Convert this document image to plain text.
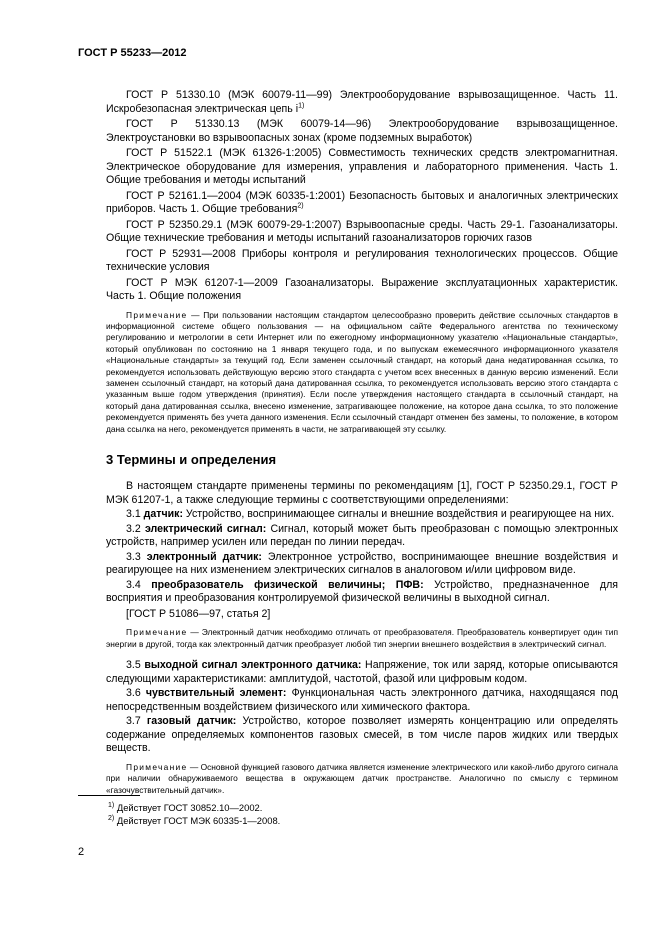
ГОСТ Р 55233—2012

ГОСТ Р 51330.10 (МЭК 60079-11—99) Электрооборудование взрывозащищенное. Часть 11. Искробезопасная электрическая цепь $i^{1)}$

ГОСТ Р 51330.13 (МЭК 60079-14—96) Электрооборудование взрывозащищенное. Электроустановки во взрывоопасных зонах (кроме подземных выработок)

ГОСТ Р 51522.1 (МЭК 61326-1:2005) Совместимость технических средств электромагнитная. Электрическое оборудование для измерения, управления и лабораторного применения. Часть 1. Общие требования и методы испытаний

ГОСТ Р 52161.1—2004 (МЭК 60335-1:2001) Безопасность бытовых и аналогичных электрических приборов. Часть 1. Общие требования$^{2)}$

ГОСТ Р 52350.29.1 (МЭК 60079-29-1:2007) Взрывоопасные среды. Часть 29-1. Газоанализаторы. Общие технические требования и методы испытаний газоанализаторов горючих газов

ГОСТ Р 52931—2008 Приборы контроля и регулирования технологических процессов. Общие технические условия

ГОСТ Р МЭК 61207-1—2009 Газоанализаторы. Выражение эксплуатационных характеристик. Часть 1. Общие положения

Примечание — При пользовании настоящим стандартом целесообразно проверить действие ссылочных стандартов в информационной системе общего пользования — на официальном сайте Федерального агентства по техническому регулированию и метрологии в сети Интернет или по ежегодному информационному указателю «Национальные стандарты», который опубликован по состоянию на 1 января текущего года, и по выпускам ежемесячного информационного указателя «Национальные стандарты» за текущий год. Если заменен ссылочный стандарт, на который дана недатированная ссылка, то рекомендуется использовать действующую версию этого стандарта с учетом всех внесенных в данную версию изменений. Если заменен ссылочный стандарт, на который дана датированная ссылка, то рекомендуется использовать версию этого стандарта с указанным выше годом утверждения (принятия). Если после утверждения настоящего стандарта в ссылочный стандарт, на который дана датированная ссылка, внесено изменение, затрагивающее положение, на которое дана ссылка, то это положение рекомендуется применять без учета данного изменения. Если ссылочный стандарт отменен без замены, то положение, в котором дана ссылка на него, рекомендуется применять в части, не затрагивающей эту ссылку.

3 Термины и определения

В настоящем стандарте применены термины по рекомендациям [1], ГОСТ Р 52350.29.1, ГОСТ Р МЭК 61207-1, а также следующие термины с соответствующими определениями:

3.1 датчик: Устройство, воспринимающее сигналы и внешние воздействия и реагирующее на них.

3.2 электрический сигнал: Сигнал, который может быть преобразован с помощью электронных устройств, например усилен или передан по линии передач.

3.3 электронный датчик: Электронное устройство, воспринимающее внешние воздействия и реагирующее на них изменением электрических сигналов в аналоговом и/или цифровом виде.

3.4 преобразователь физической величины; ПФВ: Устройство, предназначенное для восприятия и преобразования контролируемой физической величины в выходной сигнал.

[ГОСТ Р 51086—97, статья 2]

Примечание — Электронный датчик необходимо отличать от преобразователя. Преобразователь конвертирует один тип энергии в другой, тогда как электронный датчик преобразует любой тип энергии внешнего воздействия в электрический сигнал.

3.5 выходной сигнал электронного датчика: Напряжение, ток или заряд, которые описываются следующими характеристиками: амплитудой, частотой, фазой или цифровым кодом.

3.6 чувствительный элемент: Функциональная часть электронного датчика, находящаяся под непосредственным воздействием физического или химического фактора.

3.7 газовый датчик: Устройство, которое позволяет измерять концентрацию или определять содержание определяемых компонентов газовых смесей, в том числе паров жидких или твердых веществ.

Примечание — Основной функцией газового датчика является изменение электрического или какой-либо другого сигнала при наличии обнаруживаемого вещества в окружающем датчик пространстве. Аналогично по смыслу с термином «газочувствительный датчик».

$^{1)}$ Действует ГОСТ 30852.10—2002.
$^{2)}$ Действует ГОСТ МЭК 60335-1—2008.
2
